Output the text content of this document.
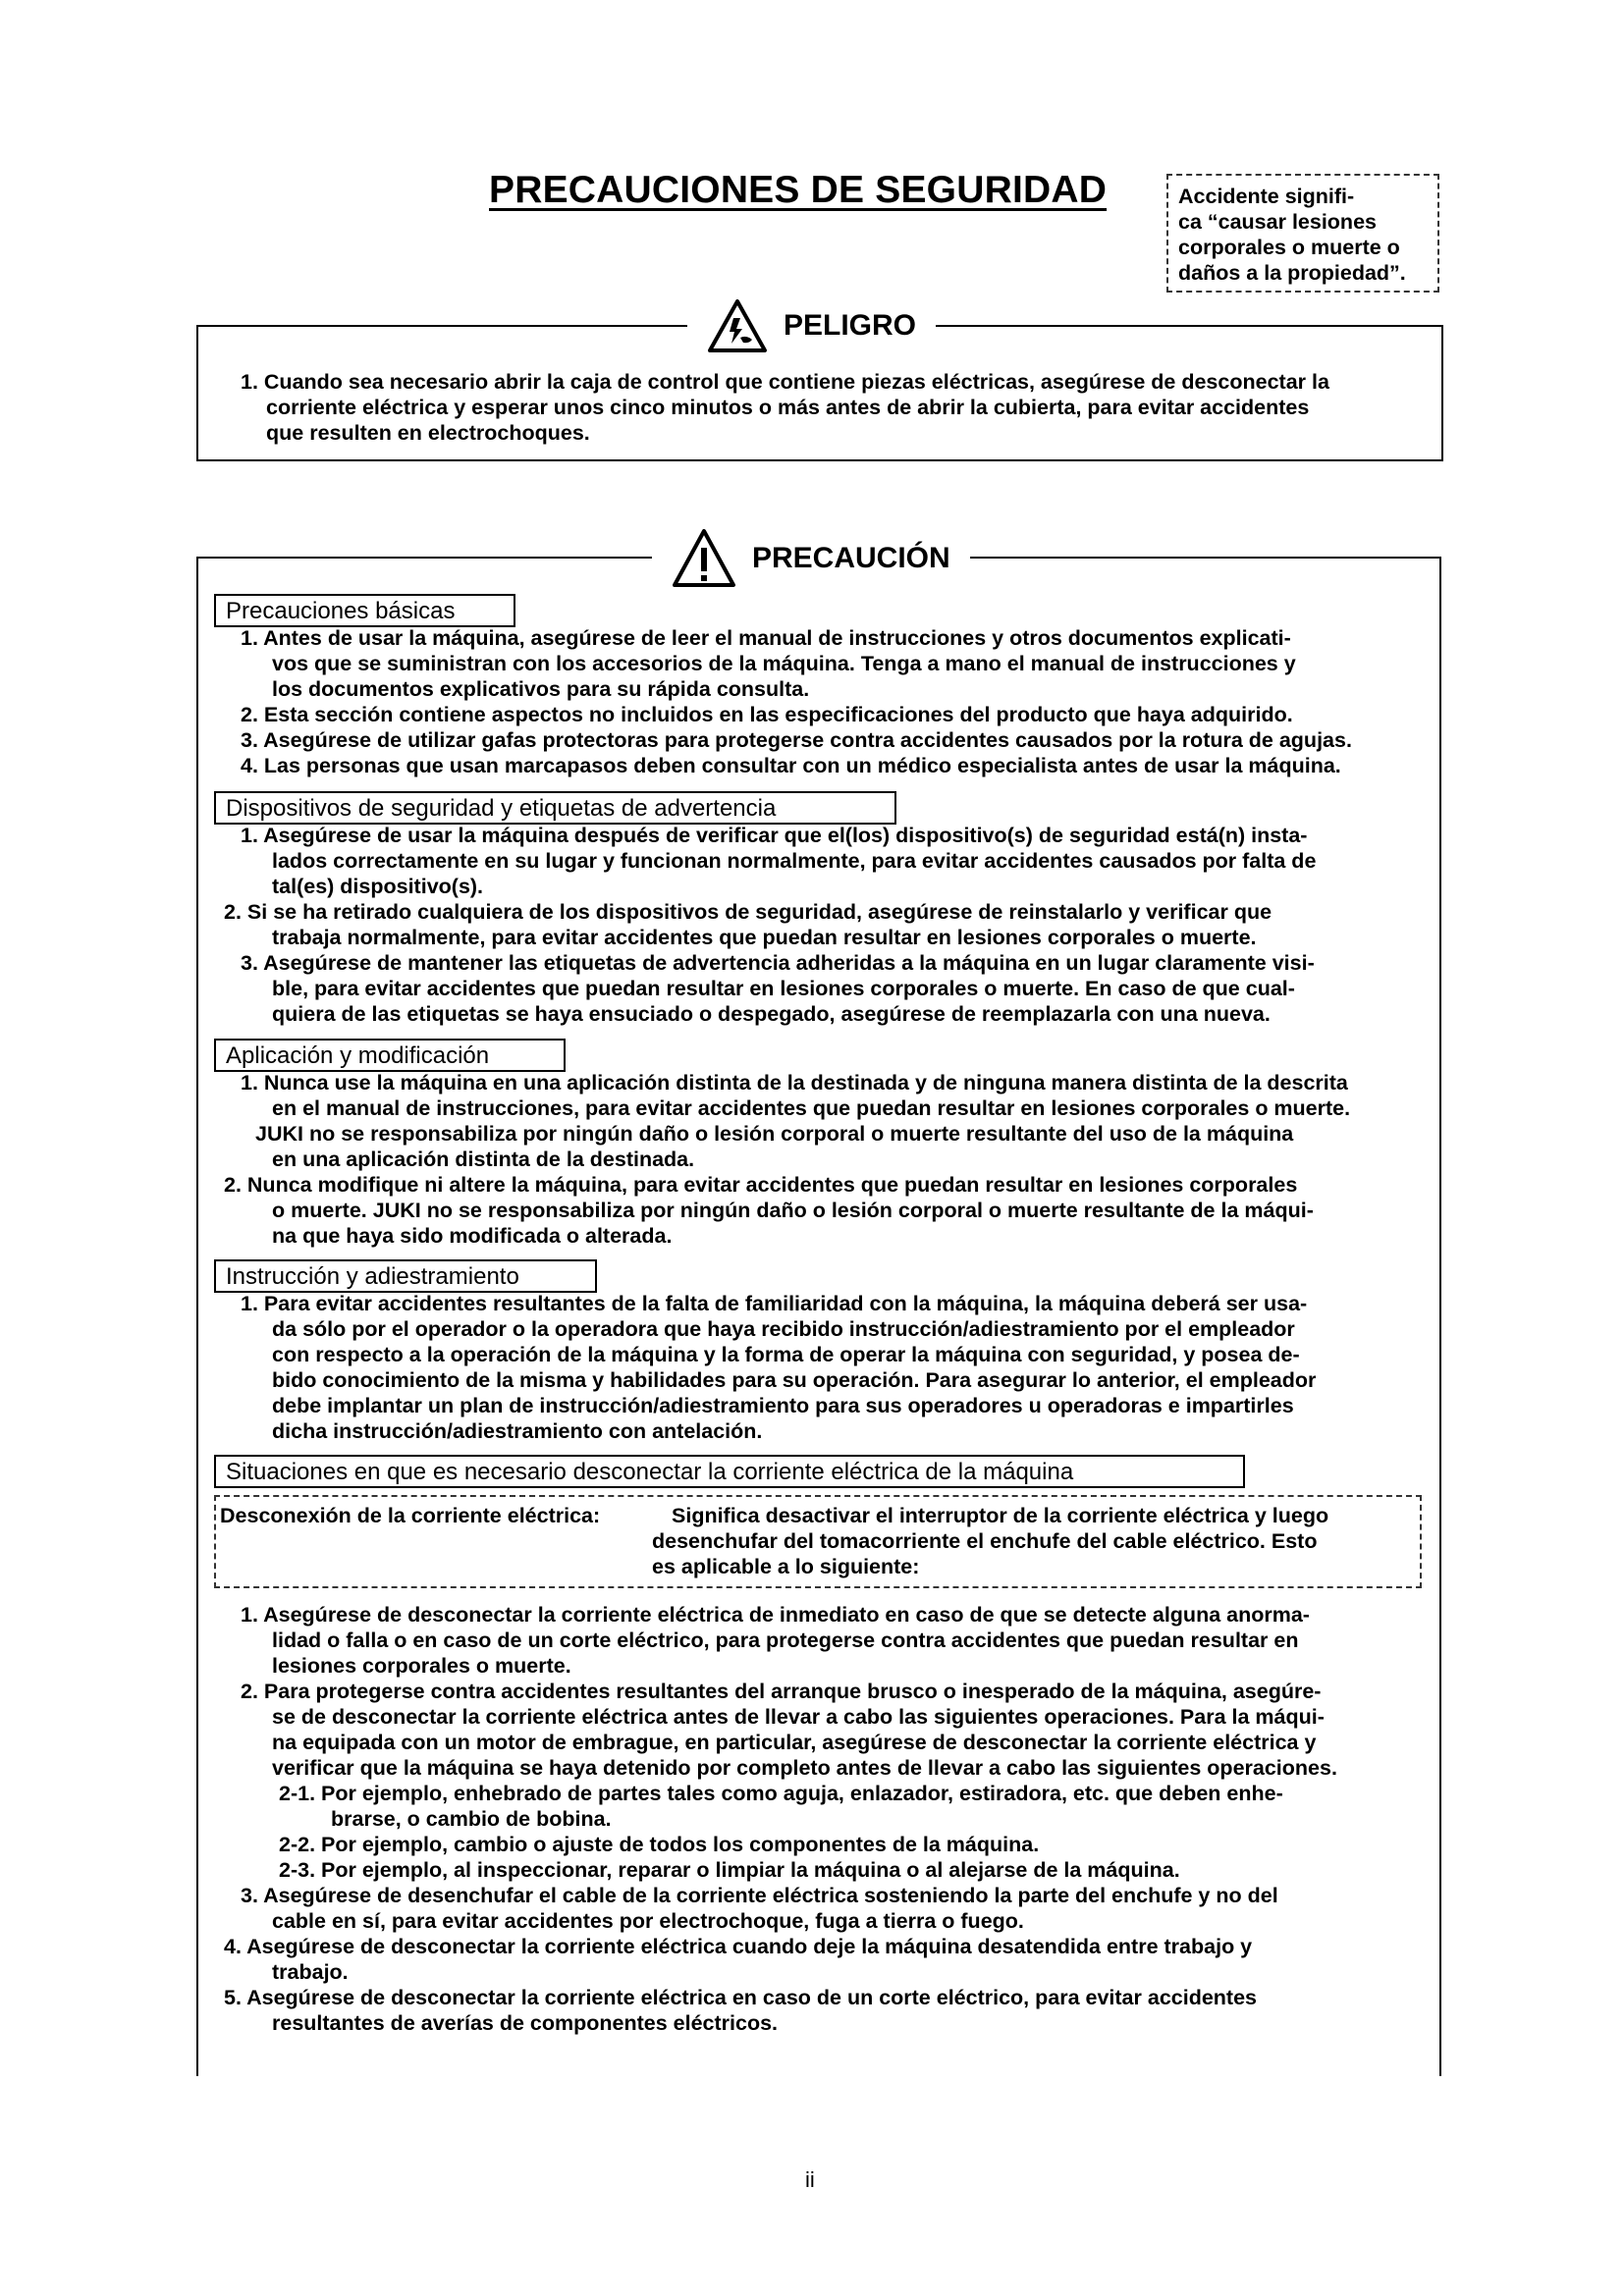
PRECAUCIONES DE SEGURIDAD	Accidente signifi-
ca “causar lesiones
corporales o muerte o
daños a la propiedad”.
PELIGRO
1. Cuando sea necesario abrir la caja de control que contiene piezas eléctricas, asegúrese de desconectar la
corriente eléctrica y esperar unos cinco minutos o más antes de abrir la cubierta, para evitar accidentes
que resulten en electrochoques.
PRECAUCIÓN
Precauciones básicas
1. Antes de usar la máquina, asegúrese de leer el manual de instrucciones y otros documentos explicati-
vos que se suministran con los accesorios de la máquina. Tenga a mano el manual de instrucciones y
los documentos explicativos para su rápida consulta.
2. Esta sección contiene aspectos no incluidos en las especificaciones del producto que haya adquirido.
3. Asegúrese de utilizar gafas protectoras para protegerse contra accidentes causados por la rotura de agujas.
4. Las personas que usan marcapasos deben consultar con un médico especialista antes de usar la máquina.
Dispositivos de seguridad y etiquetas de advertencia
1. Asegúrese de usar la máquina después de verificar que el(los) dispositivo(s) de seguridad está(n) insta-
lados correctamente en su lugar y funcionan normalmente, para evitar accidentes causados por falta de
tal(es) dispositivo(s).
2. Si se ha retirado cualquiera de los dispositivos de seguridad, asegúrese de reinstalarlo y verificar que
trabaja normalmente, para evitar accidentes que puedan resultar en lesiones corporales o muerte.
3. Asegúrese de mantener las etiquetas de advertencia adheridas a la máquina en un lugar claramente visi-
ble, para evitar accidentes que puedan resultar en lesiones corporales o muerte. En caso de que cual-
quiera de las etiquetas se haya ensuciado o despegado, asegúrese de reemplazarla con una nueva.
Aplicación y modificación
1. Nunca use la máquina en una aplicación distinta de la destinada y de ninguna manera distinta de la descrita
en el manual de instrucciones, para evitar accidentes que puedan resultar en lesiones corporales o muerte.
JUKI no se responsabiliza por ningún daño o lesión corporal o muerte resultante del uso de la máquina
en una aplicación distinta de la destinada.
2. Nunca modifique ni altere la máquina, para evitar accidentes que puedan resultar en lesiones corporales
o muerte. JUKI no se responsabiliza por ningún daño o lesión corporal o muerte resultante de la máqui-
na que haya sido modificada o alterada.
Instrucción y adiestramiento
1. Para evitar accidentes resultantes de la falta de familiaridad con la máquina, la máquina deberá ser usa-
da sólo por el operador o la operadora que haya recibido instrucción/adiestramiento por el empleador
con respecto a la operación de la máquina y la forma de operar la máquina con seguridad, y posea de-
bido conocimiento de la misma y habilidades para su operación. Para asegurar lo anterior, el empleador
debe implantar un plan de instrucción/adiestramiento para sus operadores u operadoras e impartirles
dicha instrucción/adiestramiento con antelación.
Situaciones en que es necesario desconectar la corriente eléctrica de la máquina
Desconexión de la corriente eléctrica:	Significa desactivar el interruptor de la corriente eléctrica y luego
desenchufar del tomacorriente el enchufe del cable eléctrico. Esto
es aplicable a lo siguiente:
1. Asegúrese de desconectar la corriente eléctrica de inmediato en caso de que se detecte alguna anorma-
lidad o falla o en caso de un corte eléctrico, para protegerse contra accidentes que puedan resultar en
lesiones corporales o muerte.
2. Para protegerse contra accidentes resultantes del arranque brusco o inesperado de la máquina, asegúre-
se de desconectar la corriente eléctrica antes de llevar a cabo las siguientes operaciones. Para la máqui-
na equipada con un motor de embrague, en particular, asegúrese de desconectar la corriente eléctrica y
verificar que la máquina se haya detenido por completo antes de llevar a cabo las siguientes operaciones.
2-1. Por ejemplo, enhebrado de partes tales como aguja, enlazador, estiradora, etc. que deben enhe-
brarse, o cambio de bobina.
2-2. Por ejemplo, cambio o ajuste de todos los componentes de la máquina.
2-3. Por ejemplo, al inspeccionar, reparar o limpiar la máquina o al alejarse de la máquina.
3. Asegúrese de desenchufar el cable de la corriente eléctrica sosteniendo la parte del enchufe y no del
cable en sí, para evitar accidentes por electrochoque, fuga a tierra o fuego.
4. Asegúrese de desconectar la corriente eléctrica cuando deje la máquina desatendida entre trabajo y
trabajo.
5. Asegúrese de desconectar la corriente eléctrica en caso de un corte eléctrico, para evitar accidentes
resultantes de averías de componentes eléctricos.
ii
